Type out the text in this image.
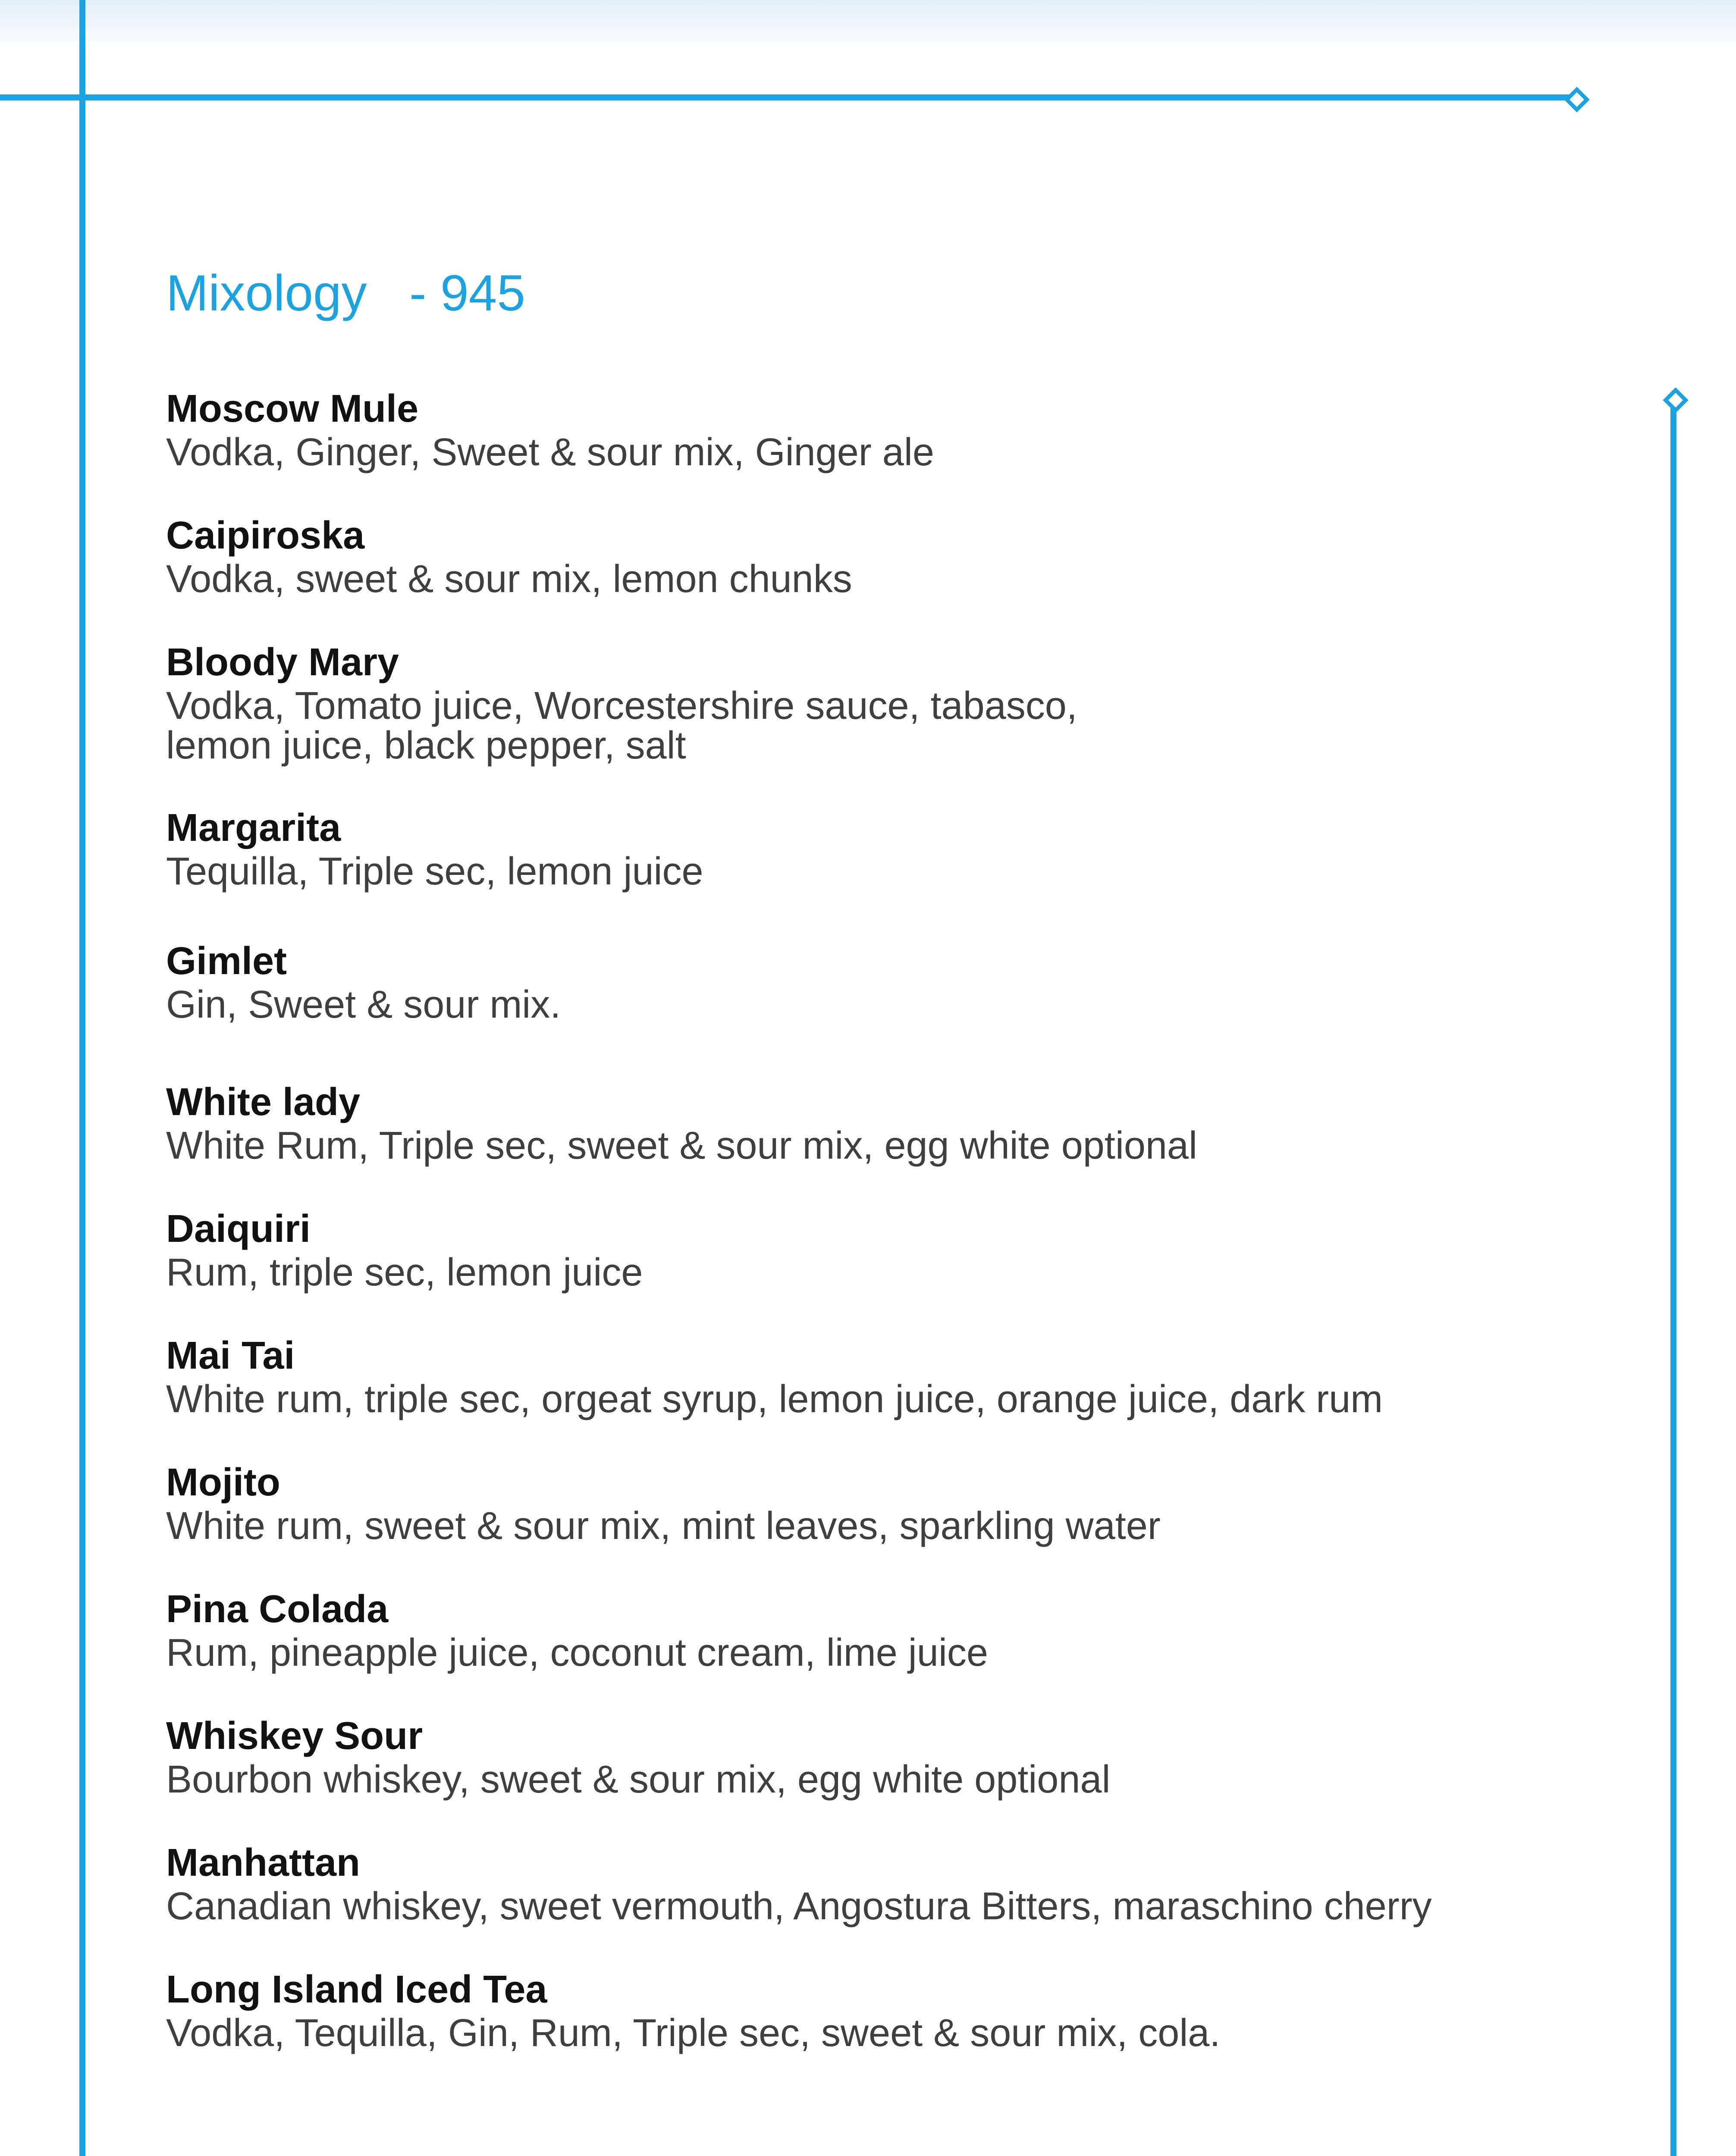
Mixology   - 945
Moscow Mule
Vodka, Ginger, Sweet & sour mix, Ginger ale
Caipiroska
Vodka, sweet & sour mix, lemon chunks
Bloody Mary
Vodka, Tomato juice, Worcestershire sauce, tabasco,
lemon juice, black pepper, salt
Margarita
Tequilla, Triple sec, lemon juice
Gimlet
Gin, Sweet & sour mix.
White lady
White Rum, Triple sec, sweet & sour mix, egg white optional
Daiquiri
Rum, triple sec, lemon juice
Mai Tai
White rum, triple sec, orgeat syrup, lemon juice, orange juice, dark rum
Mojito
White rum, sweet & sour mix, mint leaves, sparkling water
Pina Colada
Rum, pineapple juice, coconut cream, lime juice
Whiskey Sour
Bourbon whiskey, sweet & sour mix, egg white optional
Manhattan
Canadian whiskey, sweet vermouth, Angostura Bitters, maraschino cherry
Long Island Iced Tea
Vodka, Tequilla, Gin, Rum, Triple sec, sweet & sour mix, cola.
